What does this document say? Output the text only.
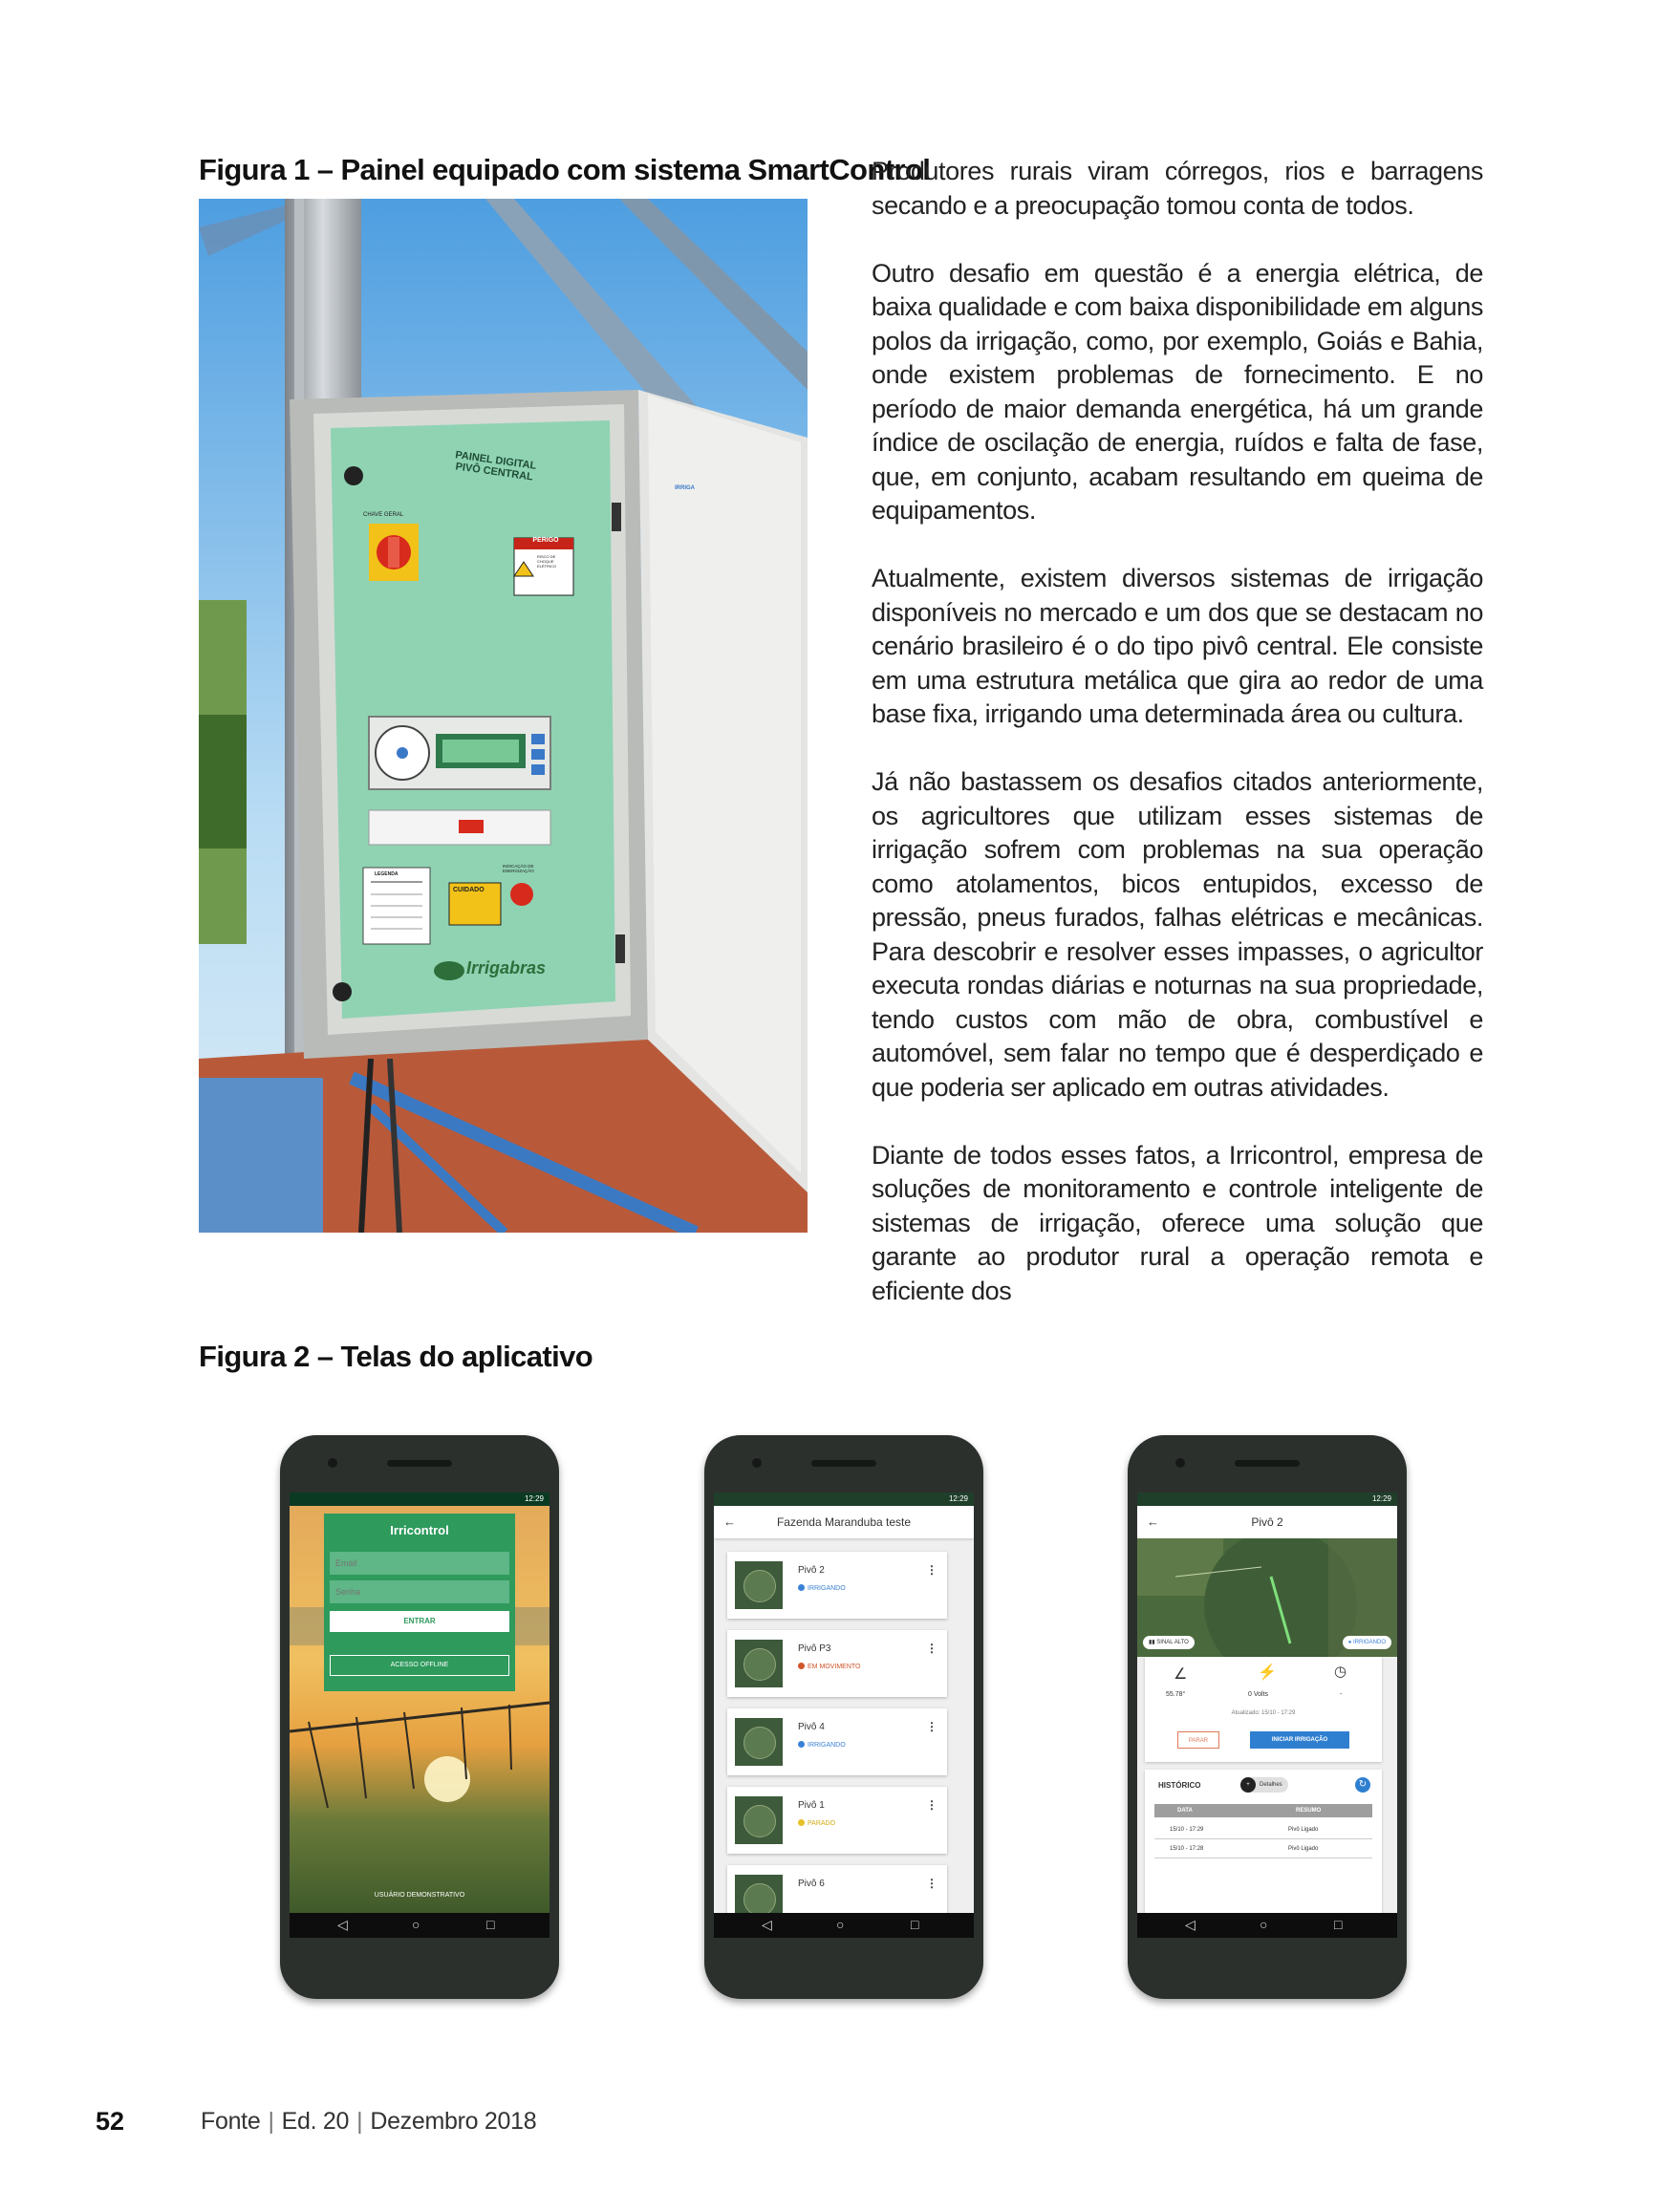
Figura 1 – Painel equipado com sistema SmartControl
PAINEL DIGITAL
PIVÔ CENTRAL
CHAVE GERAL
PERIGO
RISCO DE CHOQUE ELÉTRICO
LEGENDA
CUIDADO
INDICAÇÃO DE ENERGIZAÇÃO
Irrigabras
IRRIGA

Produtores rurais viram córregos, rios e barragens secando e a preocupação tomou conta de todos.

Outro desafio em questão é a energia elétrica, de baixa qualidade e com baixa disponibilidade em alguns polos da irrigação, como, por exemplo, Goiás e Bahia, onde existem problemas de fornecimento. E no período de maior demanda energética, há um grande índice de oscilação de energia, ruídos e falta de fase, que, em conjunto, acabam resultando em queima de equipamentos.

Atualmente, existem diversos sistemas de irrigação disponíveis no mercado e um dos que se destacam no cenário brasileiro é o do tipo pivô central. Ele consiste em uma estrutura metálica que gira ao redor de uma base fixa, irrigando uma determinada área ou cultura.

Já não bastassem os desafios citados anteriormente, os agricultores que utilizam esses sistemas de irrigação sofrem com problemas na sua operação como atolamentos, bicos entupidos, excesso de pressão, pneus furados, falhas elétricas e mecânicas. Para descobrir e resolver esses impasses, o agricultor executa rondas diárias e noturnas na sua propriedade, tendo custos com mão de obra, combustível e automóvel, sem falar no tempo que é desperdiçado e que poderia ser aplicado em outras atividades.

Diante de todos esses fatos, a Irricontrol, empresa de soluções de monitoramento e controle inteligente de sistemas de irrigação, oferece uma solução que garante ao produtor rural a operação remota e eficiente dos

Figura 2 – Telas do aplicativo
12:29
Irricontrol
Email
Senha
ENTRAR
ACESSO OFFLINE
USUÁRIO DEMONSTRATIVO
◁	○	□
12:29
←	Fazenda Maranduba teste
Pivô 2
IRRIGANDO
⋮
Pivô P3
EM MOVIMENTO
⋮
Pivô 4
IRRIGANDO
⋮
Pivô 1
PARADO
⋮
Pivô 6	⋮
◁	○	□
12:29
←	Pivô 2
▮▮ SINAL ALTO	● IRRIGANDO
∠	⚡	◷
55.78°	0 Volts	-
Atualizado: 15/10 - 17:29
PARAR	INICIAR IRRIGAÇÃO
HISTÓRICO	+ Detalhes	↻
DATA	RESUMO
15/10 - 17:29	Pivô Ligado
15/10 - 17:28	Pivô Ligado
◁	○	□
52	Fonte | Ed. 20 | Dezembro 2018
